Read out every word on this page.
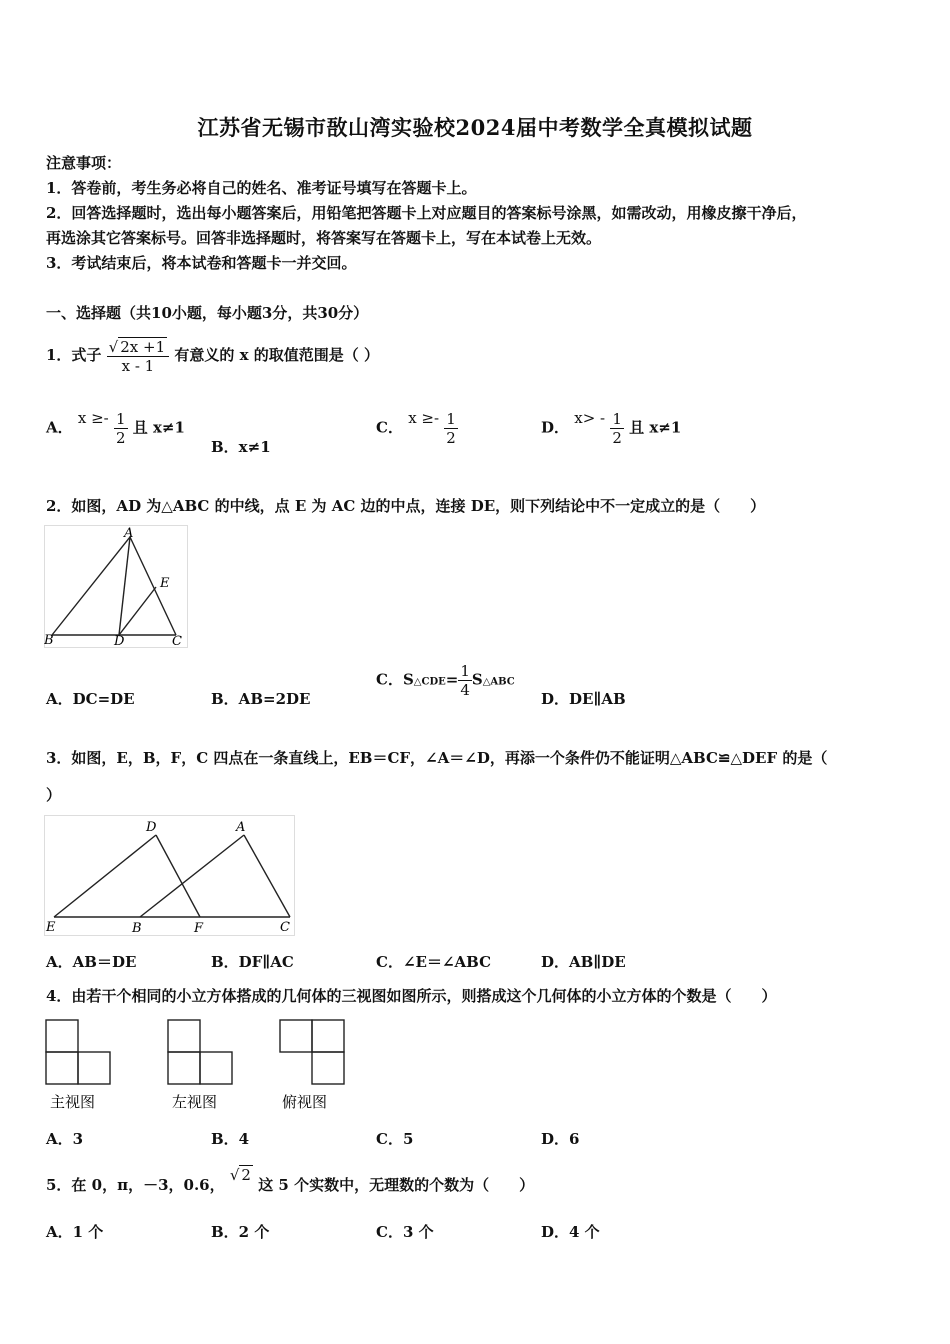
江苏省无锡市敔山湾实验校2024届中考数学全真模拟试题
注意事项：
1．答卷前，考生务必将自己的姓名、准考证号填写在答题卡上。
2．回答选择题时，选出每小题答案后，用铅笔把答题卡上对应题目的答案标号涂黑，如需改动，用橡皮擦干净后，
再选涂其它答案标号。回答非选择题时，将答案写在答题卡上，写在本试卷上无效。
3．考试结束后，将本试卷和答题卡一并交回。
一、选择题（共10小题，每小题3分，共30分）
1．式子 $\frac{√ 2x +1}{x - 1}$ 有意义的 x 的取值范围是（ ）
A． $x \ge- \frac{1}{2}$ 且 x≠1
B．x≠1
C． $x \ge- \frac{1}{2}$	D． $x> - \frac{1}{2}$ 且 x≠1
2．如图，AD 为△ABC 的中线，点 E 为 AC 边的中点，连接 DE，则下列结论中不一定成立的是（　　）
A
E
B	D	C
A．DC=DE	B．AB=2DE
C．S△CDE= $\frac{1}{4}$ S△ABC
D．DE∥AB
3．如图，E，B，F，C 四点在一条直线上，EB＝CF，∠A＝∠D，再添一个条件仍不能证明△ABC≌△DEF 的是（
）
D	A
E	B	F	C
A．AB＝DE	B．DF∥AC	C．∠E＝∠ABC	D．AB∥DE
4．由若干个相同的小立方体搭成的几何体的三视图如图所示，则搭成这个几何体的小立方体的个数是（　　）
主视图	左视图	俯视图
A．3	B．4	C．5	D．6
5．在 0，π，－3，0.6， √ 2 这 5 个实数中，无理数的个数为（　　）
A．1 个	B．2 个	C．3 个	D．4 个
